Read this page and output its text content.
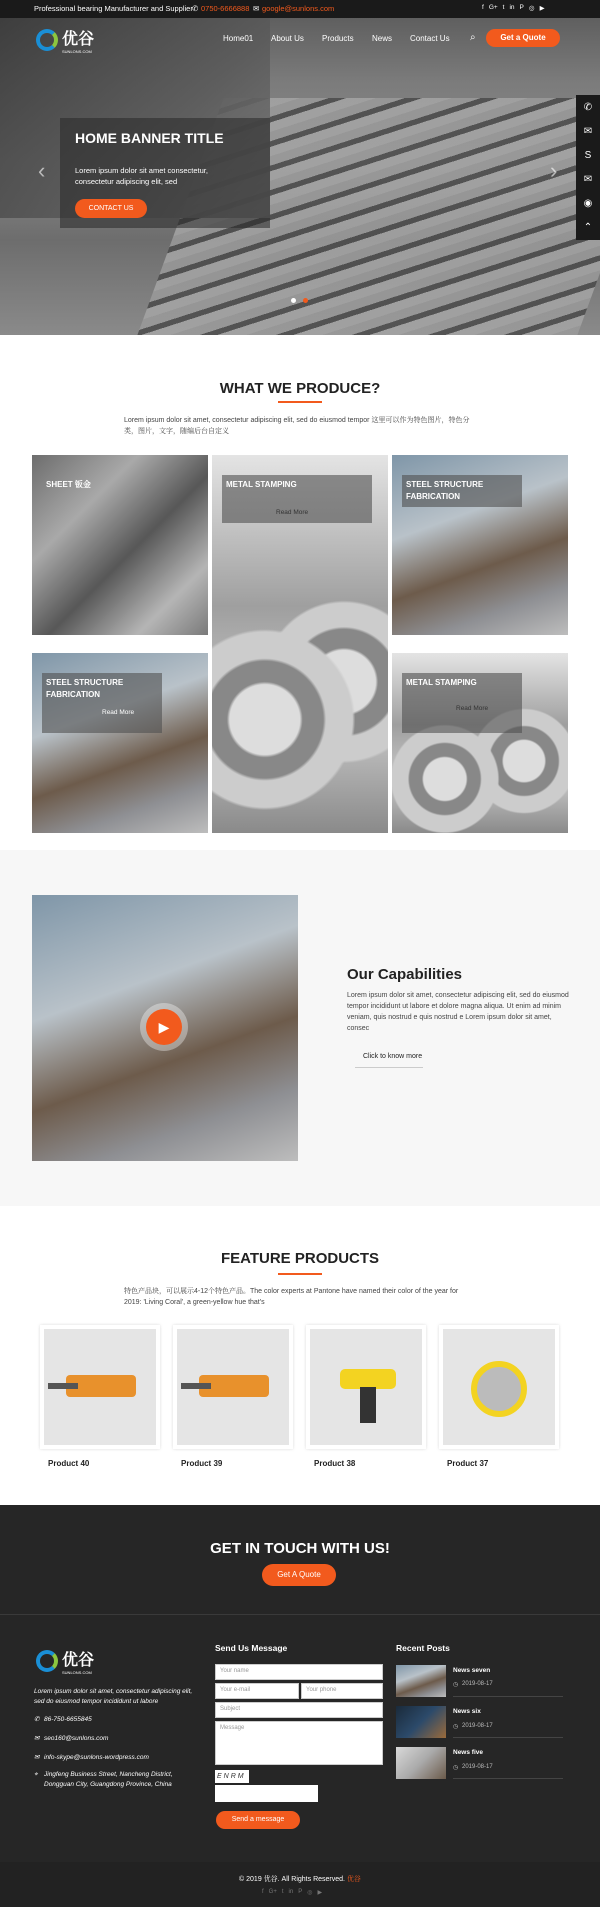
Professional bearing Manufacturer and Supplier ✆ 0750-6666888 ✉ google@sunlons.com	f G+ t in P ◎ ▶
HOME BANNER TITLE
Lorem ipsum dolor sit amet consectetur, consectetur adipiscing elit, sed
CONTACT US
‹	›
优谷
SUNLONS.COM
Home01 About Us Products News Contact Us ⌕	Get a Quote
✆
✉
S
✉
◉
⌃
WHAT WE PRODUCE?
Lorem ipsum dolor sit amet, consectetur adipiscing elit, sed do eiusmod tempor 这里可以作为特色图片，特色分类，图片，文字，随编后台自定义
SHEET 钣金	METAL STAMPING
Read More
STEEL STRUCTURE FABRICATION
STEEL STRUCTURE FABRICATION
Read More
METAL STAMPING
Read More
▶
Our Capabilities
Lorem ipsum dolor sit amet, consectetur adipiscing elit, sed do eiusmod tempor incididunt ut labore et dolore magna aliqua. Ut enim ad minim veniam, quis nostrud e quis nostrud e Lorem ipsum dolor sit amet, consec
Click to know more
FEATURE PRODUCTS
特色产品块，可以展示4-12个特色产品。The color experts at Pantone have named their color of the year for 2019: 'Living Coral', a green-yellow hue that's
Product 40	Product 39	Product 38	Product 37
GET IN TOUCH WITH US!
Get A Quote
优谷
SUNLONS.COM
Lorem ipsum dolor sit amet, consectetur adipiscing elit, sed do eiusmod tempor incididunt ut labore
✆ 86-750-6655845
✉ seo160@sunlons.com
✉ info-skype@sunlons-wordpress.com
⌖ Jingfeng Business Street, Nancheng District, Dongguan City, Guangdong Province, China
Send Us Message
Your name
Your e-mail	Your phone
Subject
Message
ENRM
Send a message
Recent Posts
News seven
◷ 2019-08-17
News six
◷ 2019-08-17
News five
◷ 2019-08-17
© 2019 优谷. All Rights Reserved. 优谷
f G+ t in P ◎ ▶
